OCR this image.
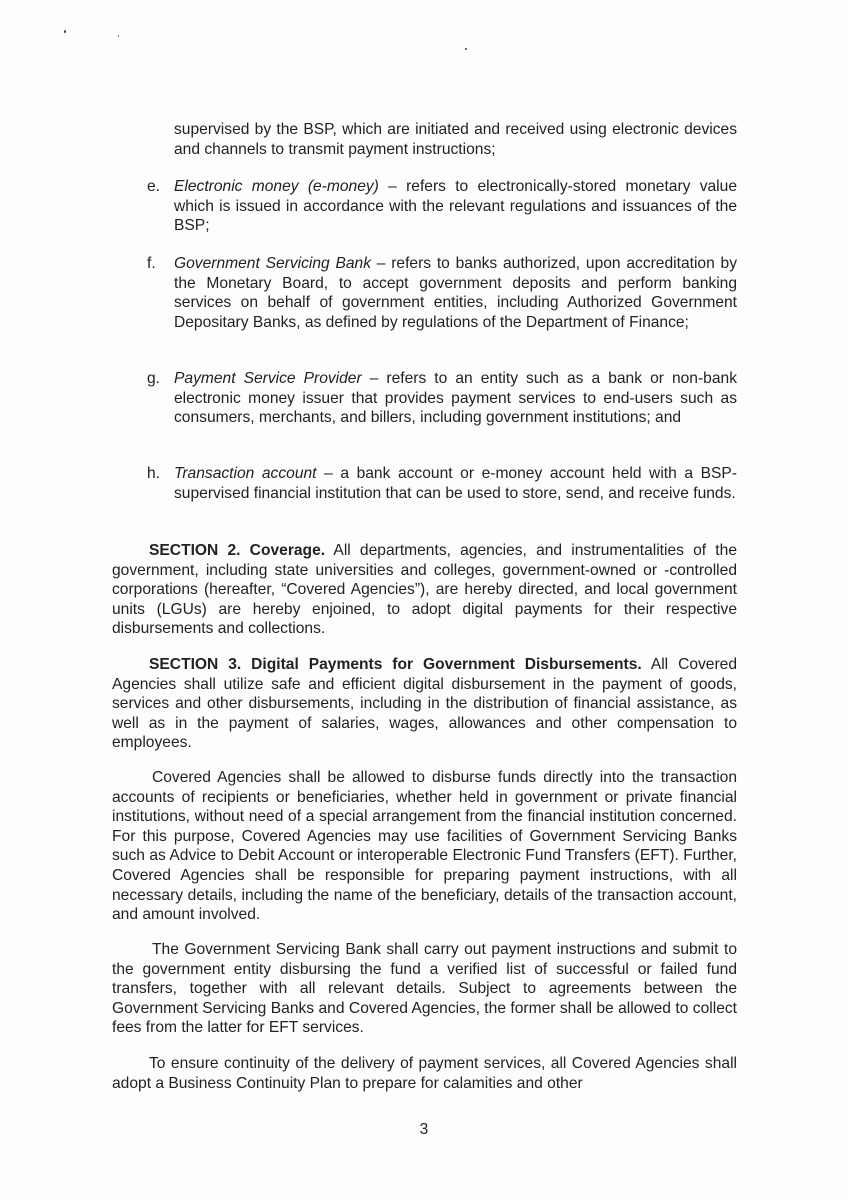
supervised by the BSP, which are initiated and received using electronic devices and channels to transmit payment instructions;
e. Electronic money (e-money) – refers to electronically-stored monetary value which is issued in accordance with the relevant regulations and issuances of the BSP;
f.	Government Servicing Bank – refers to banks authorized, upon accreditation by the Monetary Board, to accept government deposits and perform banking services on behalf of government entities, including Authorized Government Depositary Banks, as defined by regulations of the Department of Finance;
g. Payment Service Provider – refers to an entity such as a bank or non-bank electronic money issuer that provides payment services to end-users such as consumers, merchants, and billers, including government institutions; and
h. Transaction account – a bank account or e-money account held with a BSP-supervised financial institution that can be used to store, send, and receive funds.
SECTION 2. Coverage. All departments, agencies, and instrumentalities of the government, including state universities and colleges, government-owned or -controlled corporations (hereafter, “Covered Agencies”), are hereby directed, and local government units (LGUs) are hereby enjoined, to adopt digital payments for their respective disbursements and collections.
SECTION 3. Digital Payments for Government Disbursements. All Covered Agencies shall utilize safe and efficient digital disbursement in the payment of goods, services and other disbursements, including in the distribution of financial assistance, as well as in the payment of salaries, wages, allowances and other compensation to employees.
Covered Agencies shall be allowed to disburse funds directly into the transaction accounts of recipients or beneficiaries, whether held in government or private financial institutions, without need of a special arrangement from the financial institution concerned. For this purpose, Covered Agencies may use facilities of Government Servicing Banks such as Advice to Debit Account or interoperable Electronic Fund Transfers (EFT). Further, Covered Agencies shall be responsible for preparing payment instructions, with all necessary details, including the name of the beneficiary, details of the transaction account, and amount involved.
The Government Servicing Bank shall carry out payment instructions and submit to the government entity disbursing the fund a verified list of successful or failed fund transfers, together with all relevant details. Subject to agreements between the Government Servicing Banks and Covered Agencies, the former shall be allowed to collect fees from the latter for EFT services.
To ensure continuity of the delivery of payment services, all Covered Agencies shall adopt a Business Continuity Plan to prepare for calamities and other
3
